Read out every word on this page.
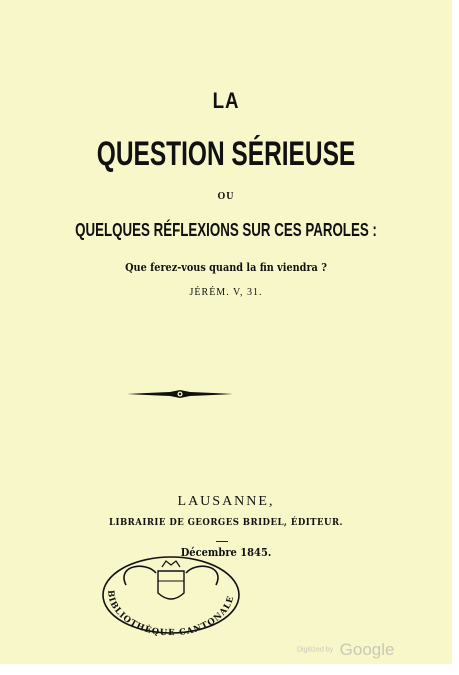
LA
QUESTION SÉRIEUSE
OU
QUELQUES RÉFLEXIONS SUR CES PAROLES :
Que ferez-vous quand la fin viendra ?
JÉRÉM. V, 31.
LAUSANNE,
LIBRAIRIE DE GEORGES BRIDEL, ÉDITEUR.
Décembre 1845.
BIBLIOTHÈQUE CANTONALE
Digitized by Google
